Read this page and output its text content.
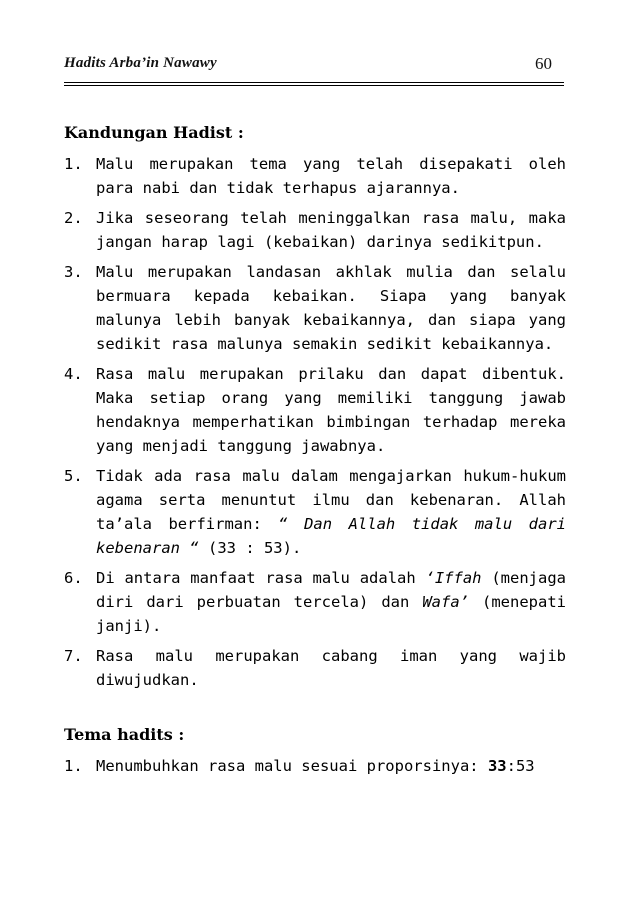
Hadits Arba’in Nawawy	60
Kandungan Hadist :
1. Malu merupakan tema yang telah disepakati oleh para nabi dan tidak terhapus ajarannya.
2. Jika seseorang telah meninggalkan rasa malu, maka jangan harap lagi (kebaikan) darinya sedikitpun.
3. Malu merupakan landasan akhlak mulia dan selalu bermuara kepada kebaikan. Siapa yang banyak malunya lebih banyak kebaikannya, dan siapa yang sedikit rasa malunya semakin sedikit kebaikannya.
4. Rasa malu merupakan prilaku dan dapat dibentuk. Maka setiap orang yang memiliki tanggung jawab hendaknya memperhatikan bimbingan terhadap mereka yang menjadi tanggung jawabnya.
5. Tidak ada rasa malu dalam mengajarkan hukum-hukum agama serta menuntut ilmu dan kebenaran. Allah ta’ala berfirman: “ Dan Allah tidak malu dari kebenaran “ (33 : 53).
6. Di antara manfaat rasa malu adalah ‘Iffah (menjaga diri dari perbuatan tercela) dan Wafa’ (menepati janji).
7. Rasa malu merupakan cabang iman yang wajib diwujudkan.
Tema hadits :
1. Menumbuhkan rasa malu sesuai proporsinya: 33:53
